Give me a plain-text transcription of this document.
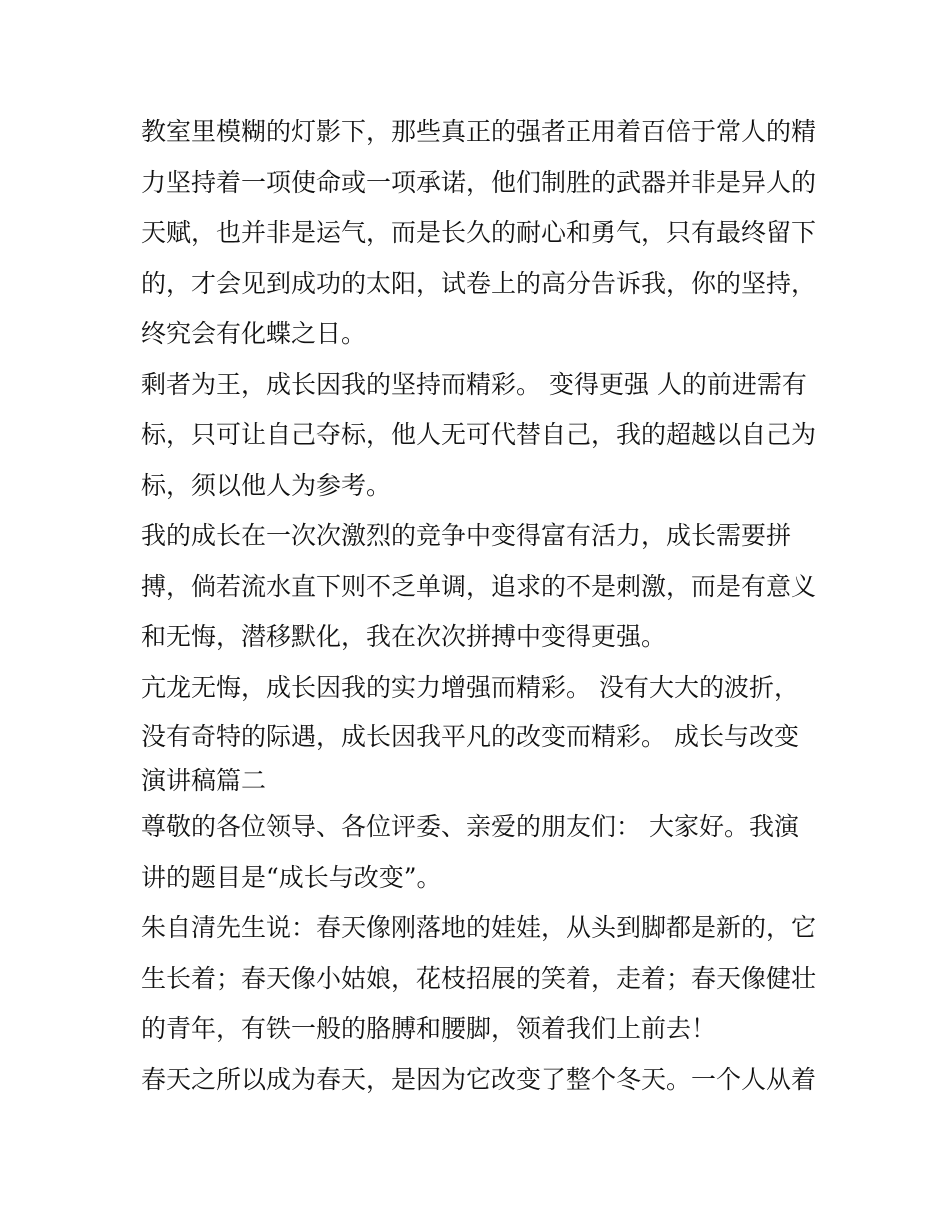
教室里模糊的灯影下，那些真正的强者正用着百倍于常人的精
力坚持着一项使命或一项承诺，他们制胜的武器并非是异人的
天赋，也并非是运气，而是长久的耐心和勇气，只有最终留下
的，才会见到成功的太阳，试卷上的高分告诉我，你的坚持，
终究会有化蝶之日。
剩者为王，成长因我的坚持而精彩。 变得更强 人的前进需有
标，只可让自己夺标，他人无可代替自己，我的超越以自己为
标，须以他人为参考。
我的成长在一次次激烈的竞争中变得富有活力，成长需要拼
搏，倘若流水直下则不乏单调，追求的不是刺激，而是有意义
和无悔，潜移默化，我在次次拼搏中变得更强。
亢龙无悔，成长因我的实力增强而精彩。 没有大大的波折，
没有奇特的际遇，成长因我平凡的改变而精彩。 成长与改变
演讲稿篇二
尊敬的各位领导、各位评委、亲爱的朋友们： 大家好。我演
讲的题目是“成长与改变”。
朱自清先生说：春天像刚落地的娃娃，从头到脚都是新的，它
生长着；春天像小姑娘，花枝招展的笑着，走着；春天像健壮
的青年，有铁一般的胳膊和腰脚，领着我们上前去！
春天之所以成为春天，是因为它改变了整个冬天。一个人从着
